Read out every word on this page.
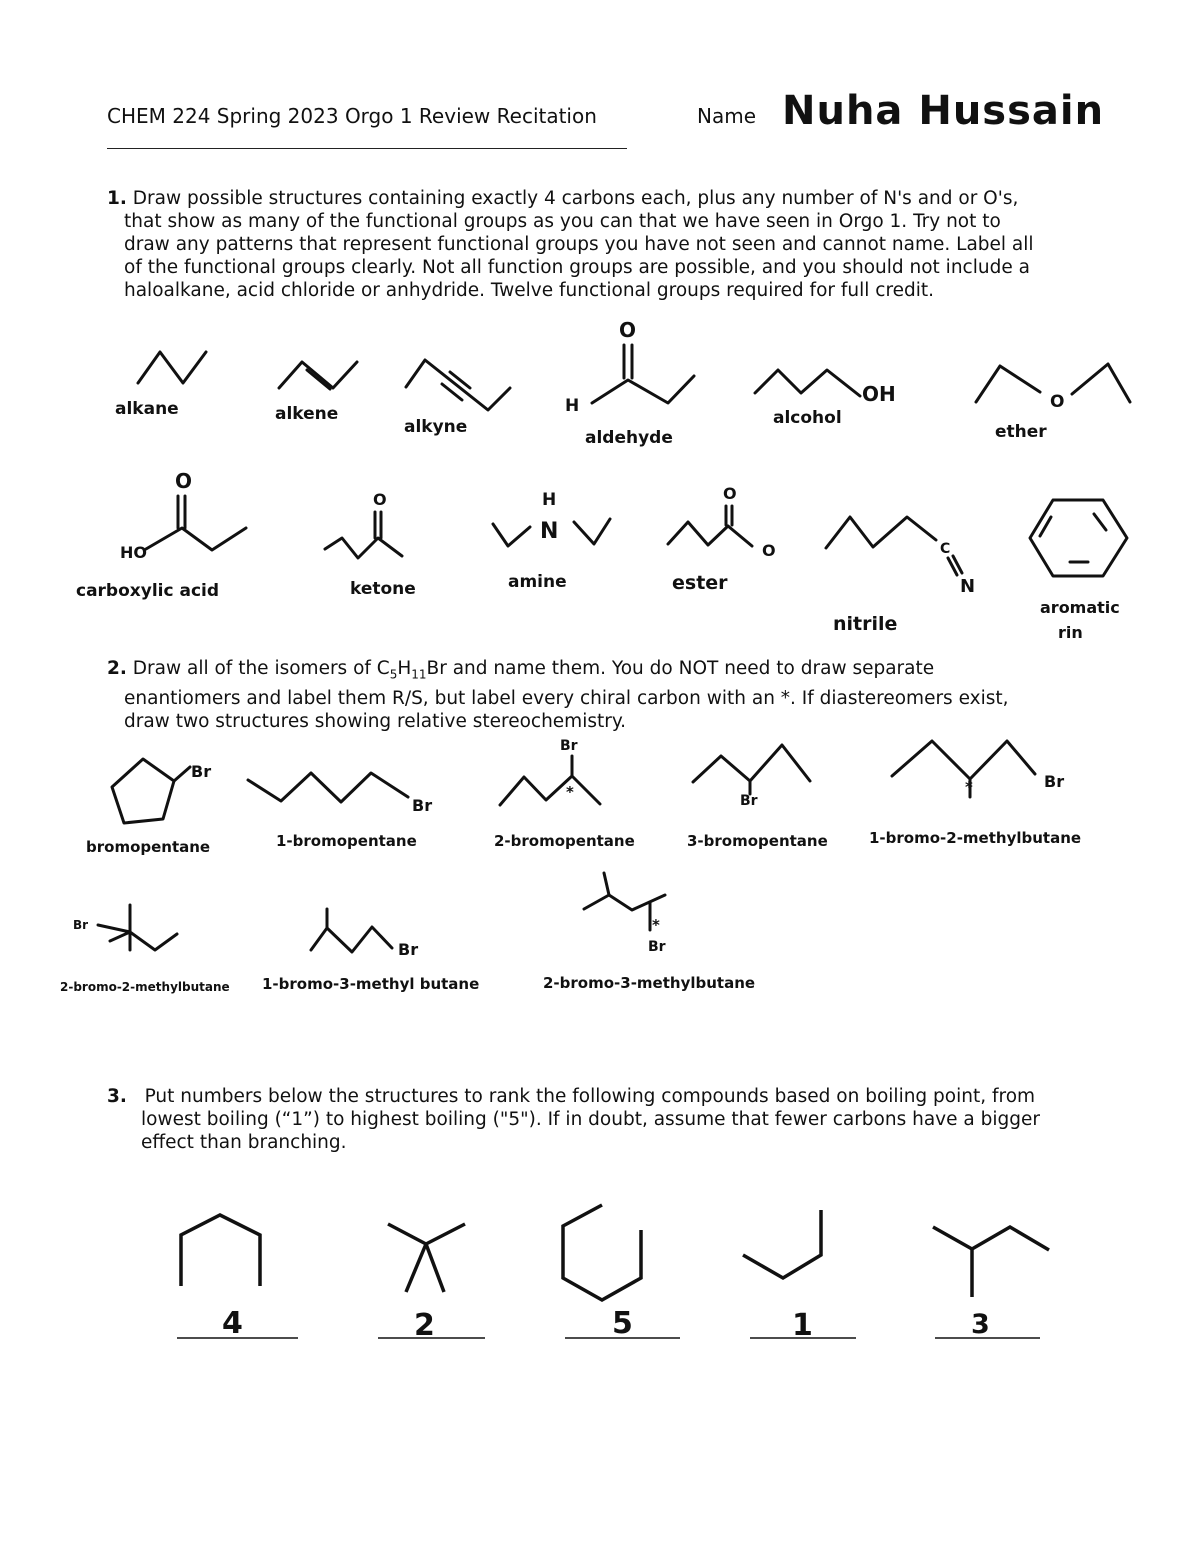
CHEM 224 Spring 2023 Orgo 1 Review Recitation	Name Nuha Hussain
1. Draw possible structures containing exactly 4 carbons each, plus any number of N's and or O's,
that show as many of the functional groups as you can that we have seen in Orgo 1. Try not to
draw any patterns that represent functional groups you have not seen and cannot name. Label all
of the functional groups clearly. Not all function groups are possible, and you should not include a
haloalkane, acid chloride or anhydride. Twelve functional groups required for full credit.
2. Draw all of the isomers of $C_5H_{11}Br$ and name them. You do NOT need to draw separate
enantiomers and label them R/S, but label every chiral carbon with an *. If diastereomers exist,
draw two structures showing relative stereochemistry.
3. Put numbers below the structures to rank the following compounds based on boiling point, from
lowest boiling (“1”) to highest boiling ("5"). If in doubt, assume that fewer carbons have a bigger
effect than branching.
alkane	alkene
alkyne
O
H
aldehyde
OH
alcohol
O
ether
O
HO
carboxylic acid
O
ketone
H
N
amine
O
O
ester
C
N
nitrile
aromatic
rin
Br
bromopentane
Br
1-bromopentane
Br
*
2-bromopentane
Br
3-bromopentane
*	Br
1-bromo-2-methylbutane
Br
2-bromo-2-methylbutane
Br
1-bromo-3-methyl butane
*
Br
2-bromo-3-methylbutane
4	2	5	1	3
